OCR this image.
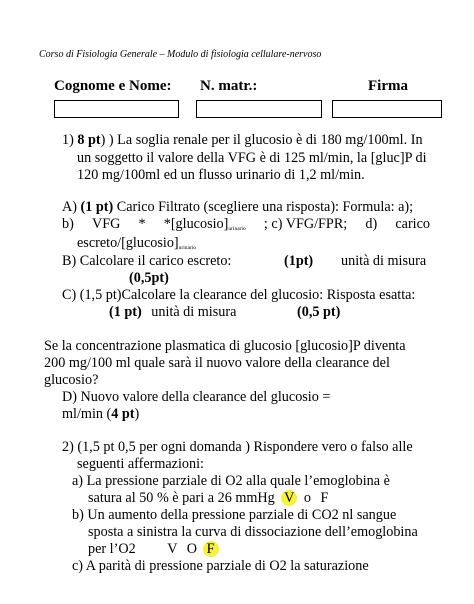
Corso di Fisiologia Generale – Modulo di fisiologia cellulare-nervoso
Cognome e Nome: N. matr.:	Firma
1) 8 pt) ) La soglia renale per il glucosio è di 180 mg/100ml. In
un soggetto il valore della VFG è di 125 ml/min, la [gluc]P di
120 mg/100ml ed un flusso urinario di 1,2 ml/min.
A) (1 pt) Carico Filtrato (scegliere una risposta): Formula: a);
b) VFG * $*[glucosio]_{urinario}$ ; c) VFG/FPR; d) carico
escreto/$[glucosio]_{urinario}$
B) Calcolare il carico escreto:	(1pt) unità di misura
(0,5pt)
C) (1,5 pt)Calcolare la clearance del glucosio: Risposta esatta:
(1 pt) unità di misura	(0,5 pt)
Se la concentrazione plasmatica di glucosio [glucosio]P diventa
200 mg/100 ml quale sarà il nuovo valore della clearance del
glucosio?
D) Nuovo valore della clearance del glucosio =
ml/min (4 pt)
2) (1,5 pt 0,5 per ogni domanda ) Rispondere vero o falso alle
seguenti affermazioni:
a) La pressione parziale di O2 alla quale l’emoglobina è
satura al 50 % è pari a 26 mmHg V o F
b) Un aumento della pressione parziale di CO2 nl sangue
sposta a sinistra la curva di dissociazione dell’emoglobina
per l’O2 V O F
c) A parità di pressione parziale di O2 la saturazione
